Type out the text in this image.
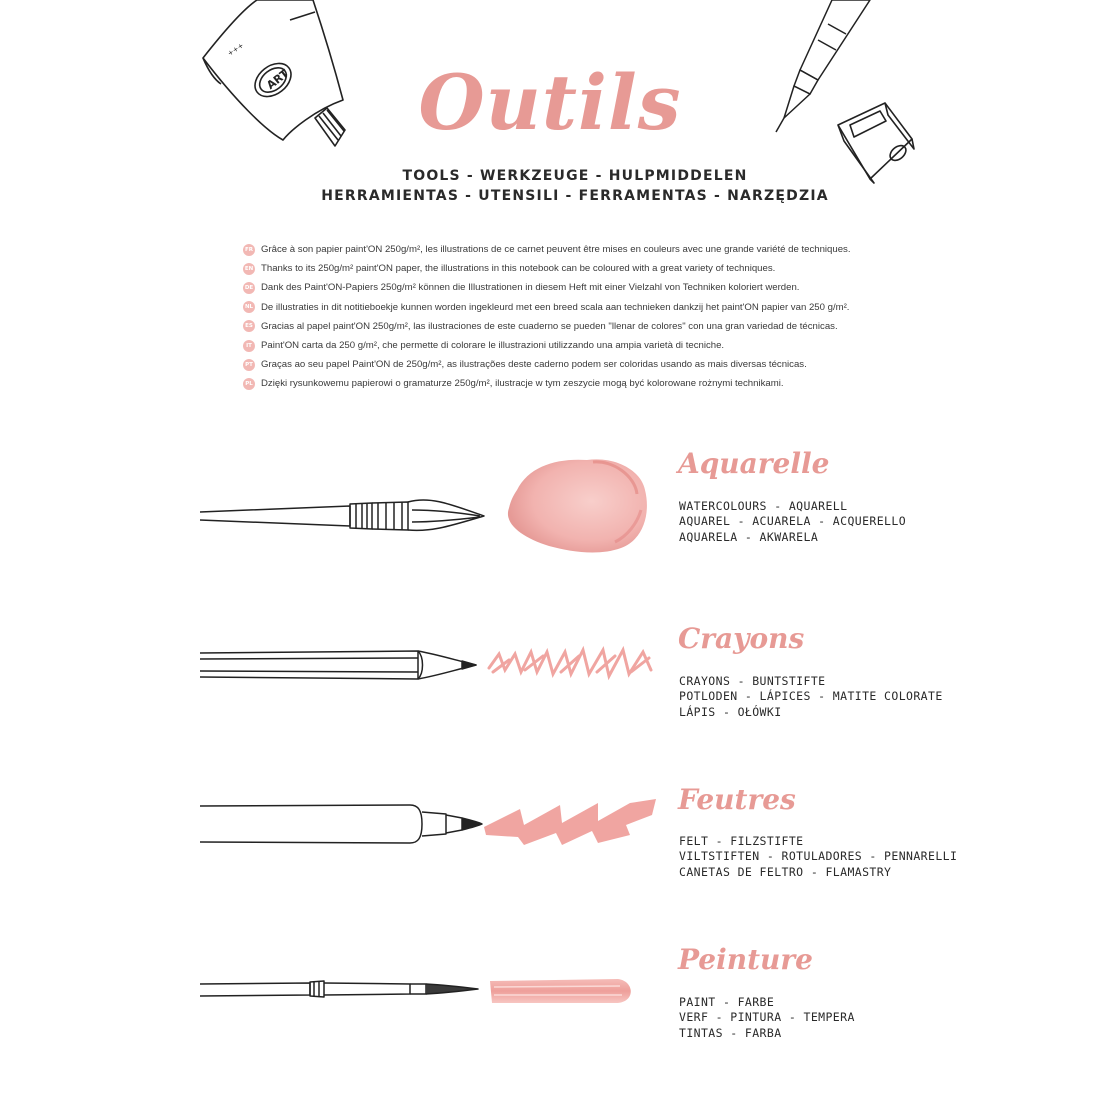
ART
+++
Outils
TOOLS - WERKZEUGE - HULPMIDDELEN
HERRAMIENTAS - UTENSILI - FERRAMENTAS - NARZĘDZIA
FR Grâce à son papier paint'ON 250g/m², les illustrations de ce carnet peuvent être mises en couleurs avec une grande variété de techniques.
EN Thanks to its 250g/m² paint'ON paper, the illustrations in this notebook can be coloured with a great variety of techniques.
DE Dank des Paint'ON-Papiers 250g/m² können die Illustrationen in diesem Heft mit einer Vielzahl von Techniken koloriert werden.
NL De illustraties in dit notitieboekje kunnen worden ingekleurd met een breed scala aan technieken dankzij het paint'ON papier van 250 g/m².
ES Gracias al papel paint'ON 250g/m², las ilustraciones de este cuaderno se pueden "llenar de colores" con una gran variedad de técnicas.
IT Paint'ON carta da 250 g/m², che permette di colorare le illustrazioni utilizzando una ampia varietà di tecniche.
PT Graças ao seu papel Paint'ON de 250g/m², as ilustrações deste caderno podem ser coloridas usando as mais diversas técnicas.
PL Dzięki rysunkowemu papierowi o gramaturze 250g/m², ilustracje w tym zeszycie mogą być kolorowane rożnymi technikami.
Aquarelle
WATERCOLOURS - AQUARELL
AQUAREL - ACUARELA - ACQUERELLO
AQUARELA - AKWARELA
Crayons
CRAYONS - BUNTSTIFTE
POTLODEN - LÁPICES - MATITE COLORATE
LÁPIS - OŁÓWKI
Feutres
FELT - FILZSTIFTE
VILTSTIFTEN - ROTULADORES - PENNARELLI
CANETAS DE FELTRO - FLAMASTRY
Peinture
PAINT - FARBE
VERF - PINTURA - TEMPERA
TINTAS - FARBA
